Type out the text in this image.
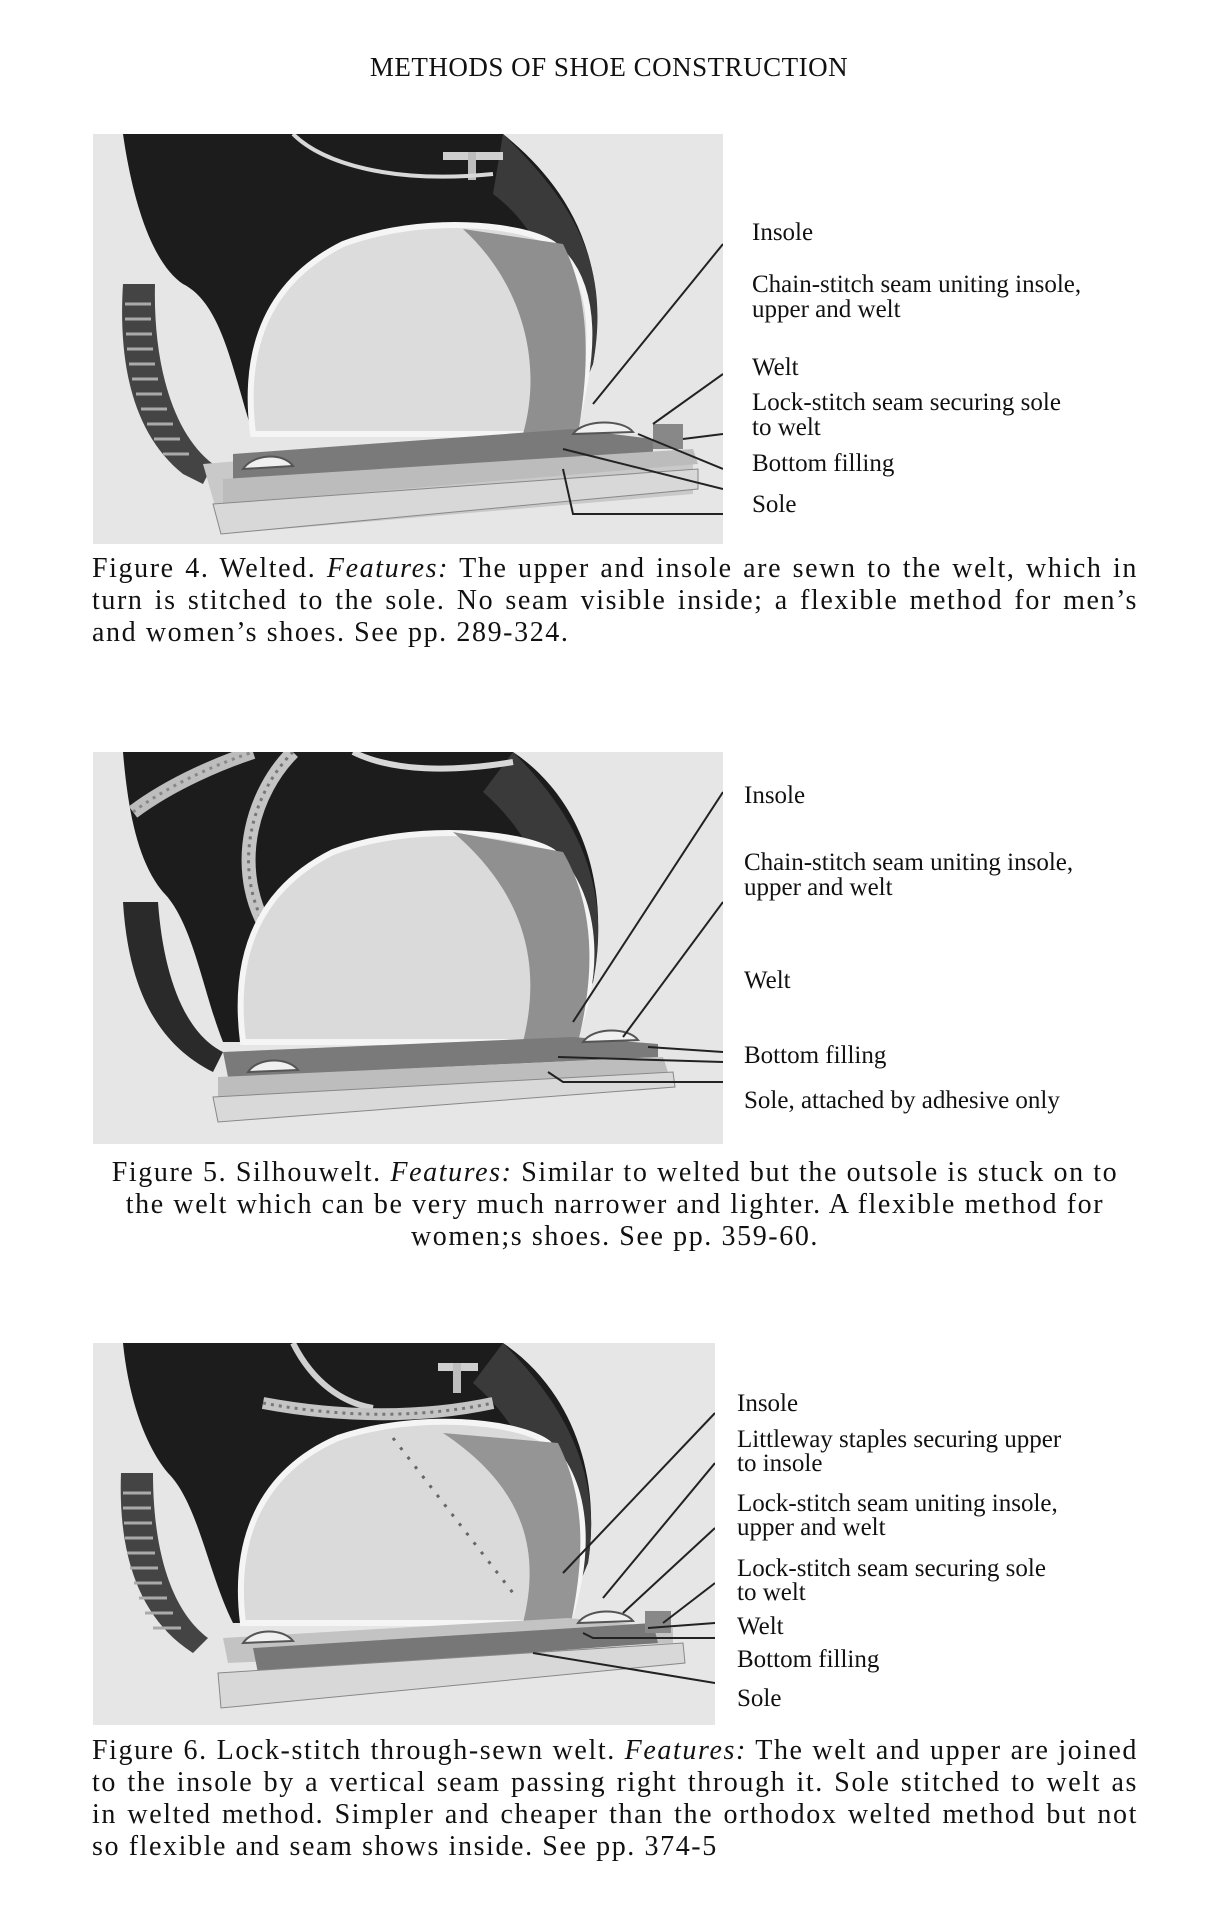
METHODS OF SHOE CONSTRUCTION
Insole
Chain-stitch seam uniting insole,
upper and welt
Welt
Lock-stitch seam securing sole
to welt
Bottom filling
Sole

Figure 4. Welted. Features: The upper and insole are sewn to the welt, which in turn is stitched to the sole. No seam visible inside; a flexible method for men’s and women’s shoes. See pp. 289-324.

Insole
Chain-stitch seam uniting insole,
upper and welt
Welt
Bottom filling
Sole, attached by adhesive only

Figure 5. Silhouwelt. Features: Similar to welted but the outsole is stuck on to the welt which can be very much narrower and lighter. A flexible method for women;s shoes. See pp. 359-60.

Insole
Littleway staples securing upper
to insole
Lock-stitch seam uniting insole,
upper and welt
Lock-stitch seam securing sole
to welt
Welt
Bottom filling
Sole

Figure 6. Lock-stitch through-sewn welt. Features: The welt and upper are joined to the insole by a vertical seam passing right through it. Sole stitched to welt as in welted method. Simpler and cheaper than the orthodox welted method but not so flexible and seam shows inside. See pp. 374-5
